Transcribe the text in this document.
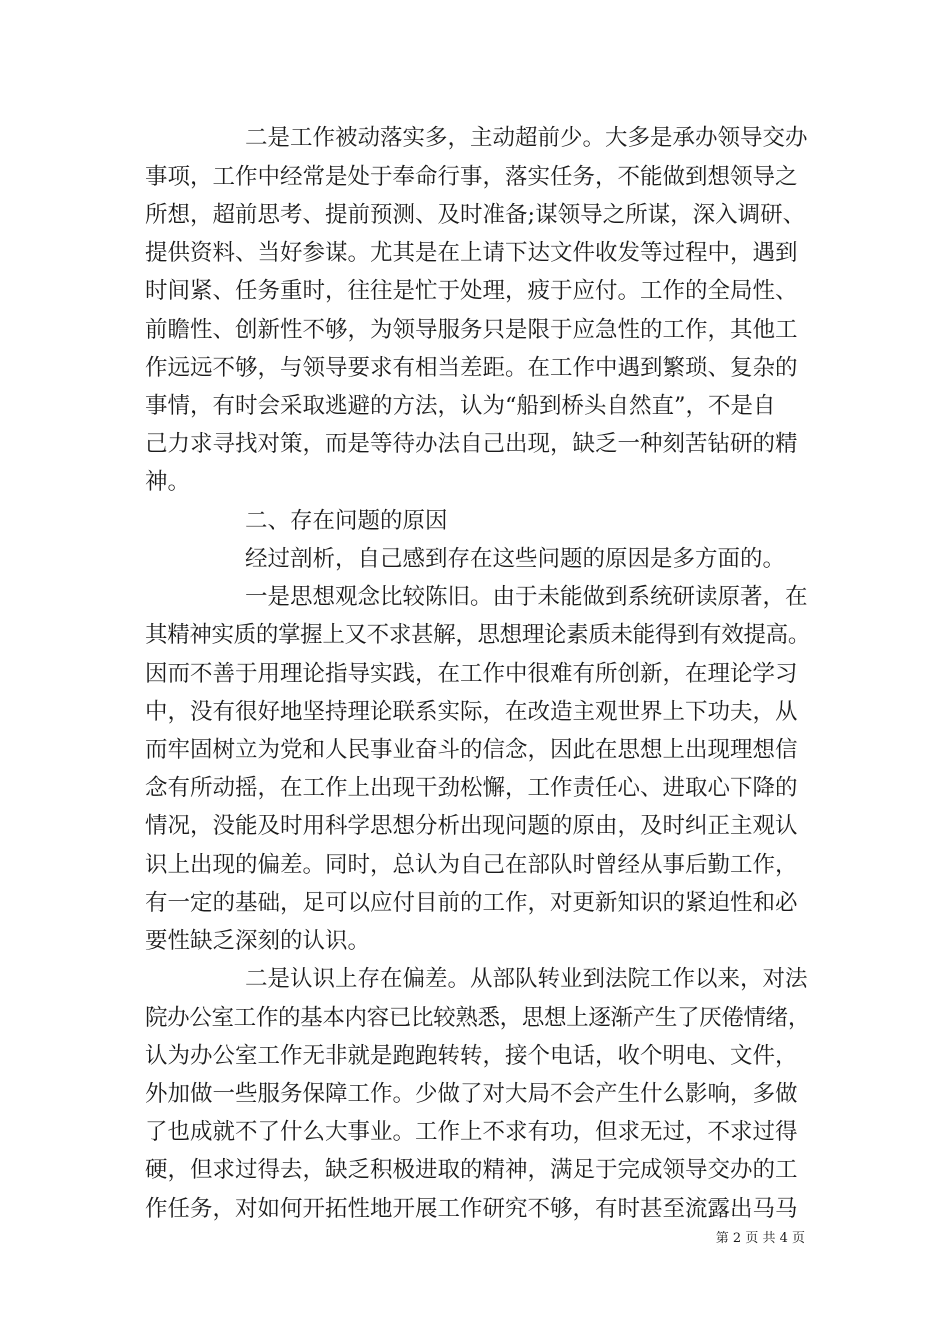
二是工作被动落实多，主动超前少。大多是承办领导交办
事项，工作中经常是处于奉命行事，落实任务，不能做到想领导之
所想，超前思考、提前预测、及时准备;谋领导之所谋，深入调研、
提供资料、当好参谋。尤其是在上请下达文件收发等过程中，遇到
时间紧、任务重时，往往是忙于处理，疲于应付。工作的全局性、
前瞻性、创新性不够，为领导服务只是限于应急性的工作，其他工
作远远不够，与领导要求有相当差距。在工作中遇到繁琐、复杂的
事情，有时会采取逃避的方法，认为“船到桥头自然直”，不是自
己力求寻找对策，而是等待办法自己出现，缺乏一种刻苦钻研的精
神。
二、存在问题的原因
经过剖析，自己感到存在这些问题的原因是多方面的。
一是思想观念比较陈旧。由于未能做到系统研读原著，在
其精神实质的掌握上又不求甚解，思想理论素质未能得到有效提高。
因而不善于用理论指导实践，在工作中很难有所创新，在理论学习
中，没有很好地坚持理论联系实际，在改造主观世界上下功夫，从
而牢固树立为党和人民事业奋斗的信念，因此在思想上出现理想信
念有所动摇，在工作上出现干劲松懈，工作责任心、进取心下降的
情况，没能及时用科学思想分析出现问题的原由，及时纠正主观认
识上出现的偏差。同时，总认为自己在部队时曾经从事后勤工作，
有一定的基础，足可以应付目前的工作，对更新知识的紧迫性和必
要性缺乏深刻的认识。
二是认识上存在偏差。从部队转业到法院工作以来，对法
院办公室工作的基本内容已比较熟悉，思想上逐渐产生了厌倦情绪，
认为办公室工作无非就是跑跑转转，接个电话，收个明电、文件，
外加做一些服务保障工作。少做了对大局不会产生什么影响，多做
了也成就不了什么大事业。工作上不求有功，但求无过，不求过得
硬，但求过得去，缺乏积极进取的精神，满足于完成领导交办的工
作任务，对如何开拓性地开展工作研究不够，有时甚至流露出马马
第 2 页 共 4 页
